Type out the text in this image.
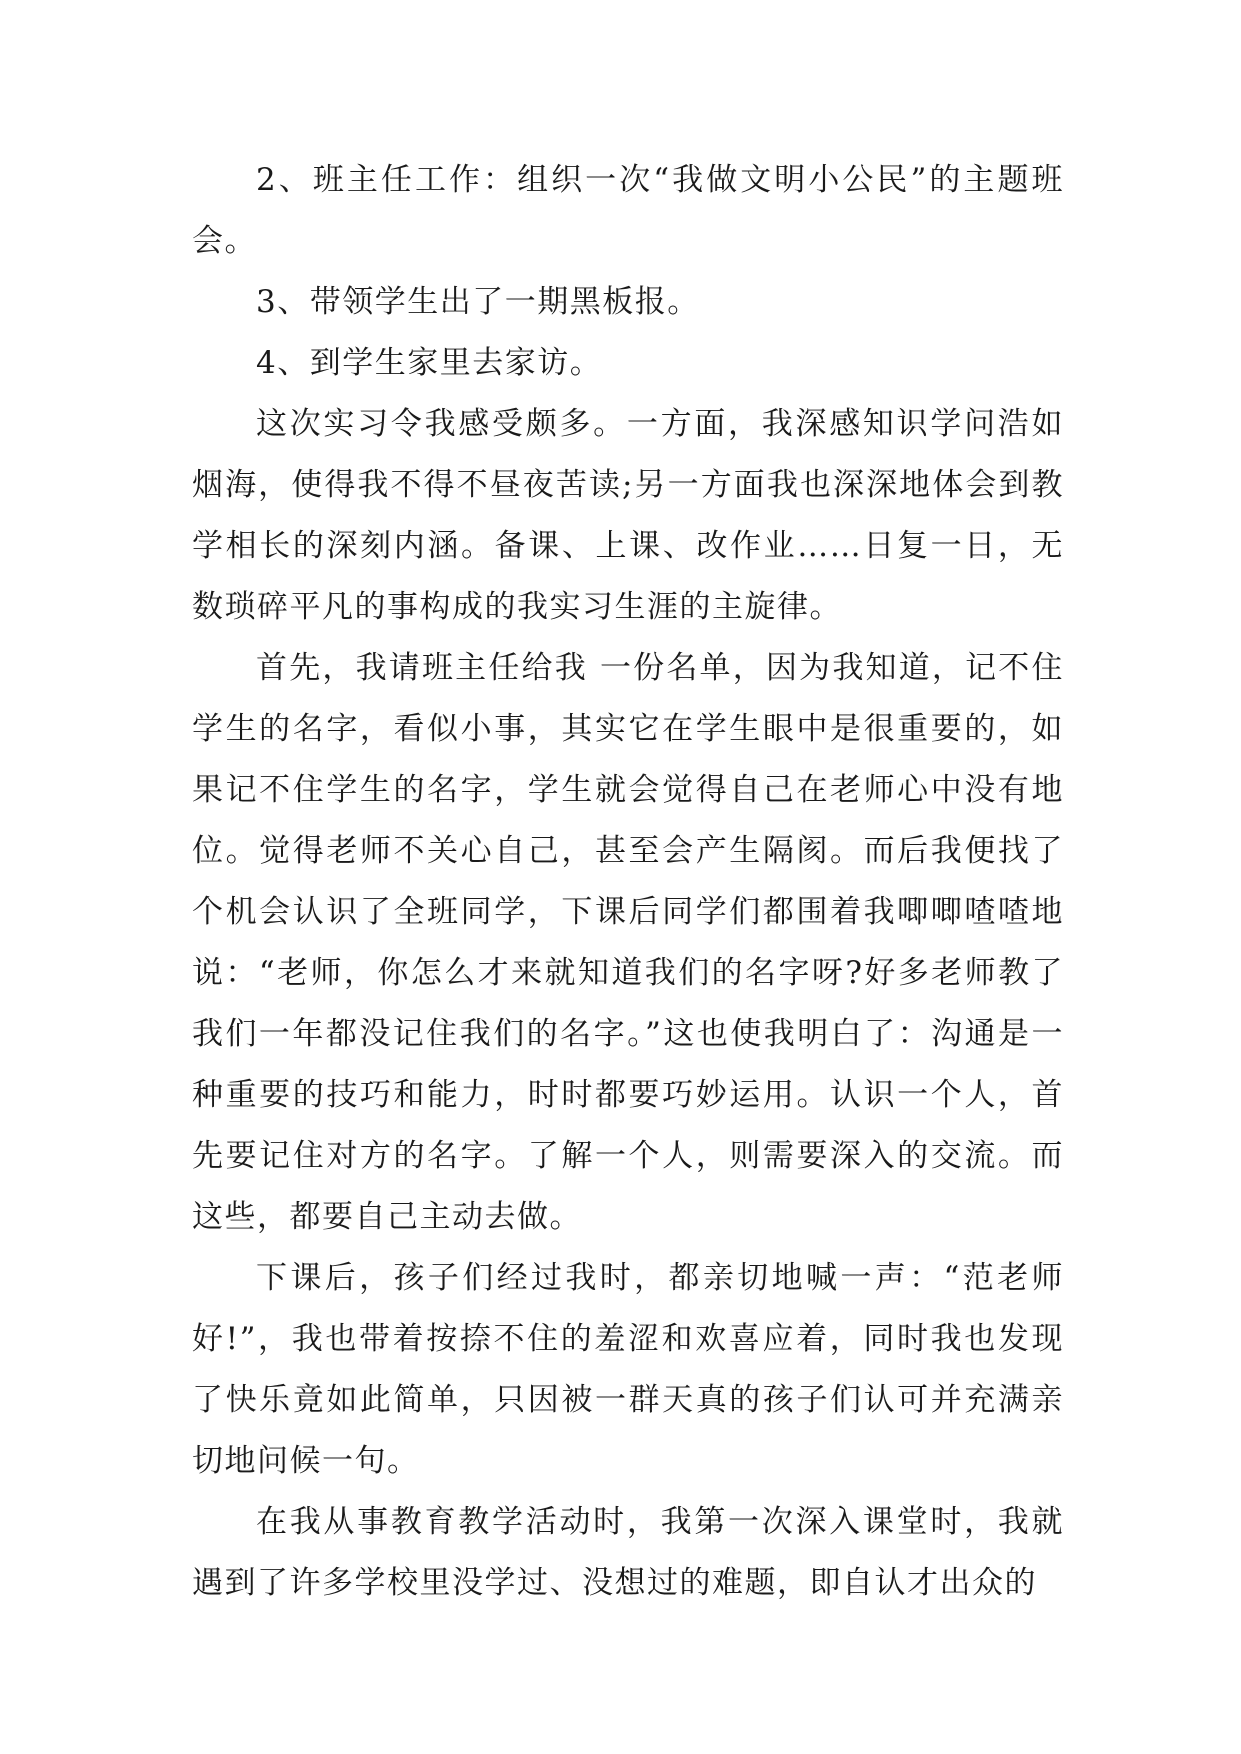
2、班主任工作：组织一次“我做文明小公民”的主题班会。

3、带领学生出了一期黑板报。

4、到学生家里去家访。

这次实习令我感受颇多。一方面，我深感知识学问浩如烟海，使得我不得不昼夜苦读;另一方面我也深深地体会到教学相长的深刻内涵。备课、上课、改作业……日复一日，无数琐碎平凡的事构成的我实习生涯的主旋律。

首先，我请班主任给我 一份名单，因为我知道，记不住学生的名字，看似小事，其实它在学生眼中是很重要的，如果记不住学生的名字，学生就会觉得自己在老师心中没有地位。觉得老师不关心自己，甚至会产生隔阂。而后我便找了个机会认识了全班同学，下课后同学们都围着我唧唧喳喳地说：“老师，你怎么才来就知道我们的名字呀?好多老师教了我们一年都没记住我们的名字。”这也使我明白了：沟通是一种重要的技巧和能力，时时都要巧妙运用。认识一个人，首先要记住对方的名字。了解一个人，则需要深入的交流。而这些，都要自己主动去做。

下课后，孩子们经过我时，都亲切地喊一声：“范老师好!”，我也带着按捺不住的羞涩和欢喜应着，同时我也发现了快乐竟如此简单，只因被一群天真的孩子们认可并充满亲切地问候一句。

在我从事教育教学活动时，我第一次深入课堂时，我就遇到了许多学校里没学过、没想过的难题，即自认才出众的
